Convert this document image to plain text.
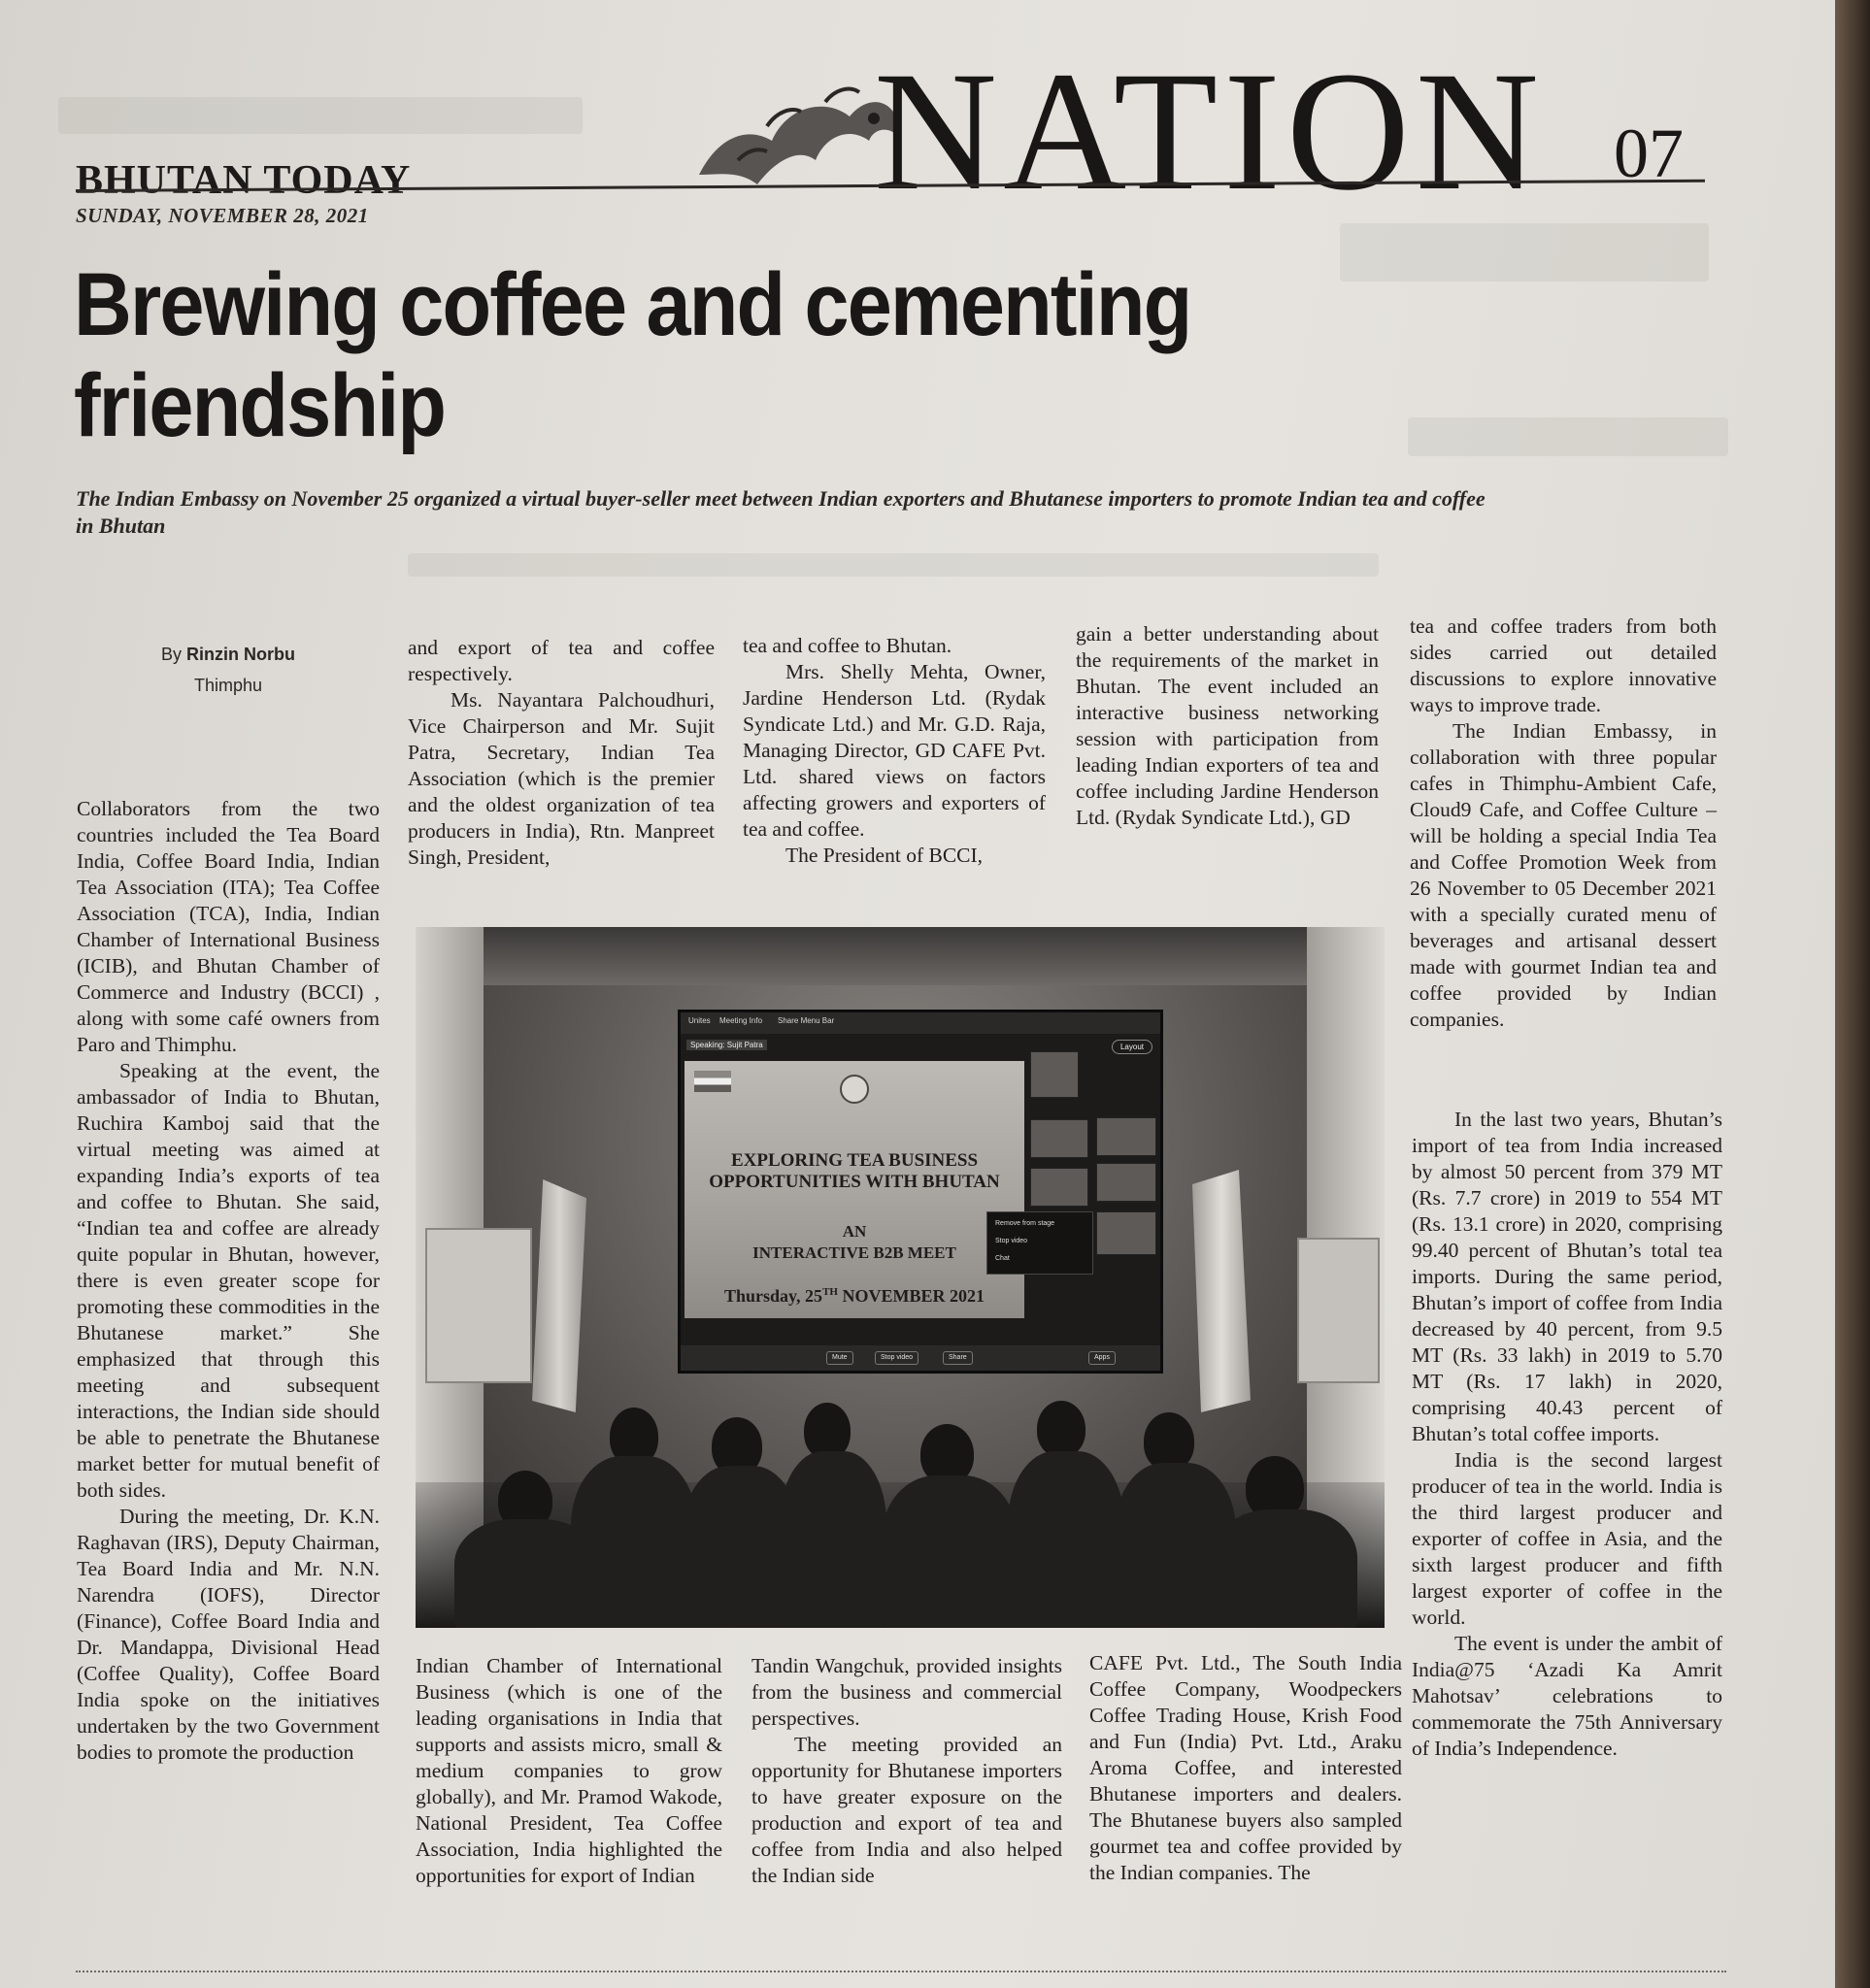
BHUTAN TODAY
SUNDAY, NOVEMBER 28, 2021	NATION 07
Brewing coffee and cementing friendship
The Indian Embassy on November 25 organized a virtual buyer-seller meet between Indian exporters and Bhutanese importers to promote Indian tea and coffee in Bhutan
By Rinzin Norbu
Thimphu

Collaborators from the two countries included the Tea Board India, Coffee Board India, Indian Tea Association (ITA); Tea Coffee Association (TCA), India, Indian Chamber of International Business (ICIB), and Bhutan Chamber of Commerce and Industry (BCCI) , along with some café owners from Paro and Thimphu.

Speaking at the event, the ambassador of India to Bhutan, Ruchira Kamboj said that the virtual meeting was aimed at expanding India’s exports of tea and coffee to Bhutan. She said, “Indian tea and coffee are already quite popular in Bhutan, however, there is even greater scope for promoting these commodities in the Bhutanese market.” She emphasized that through this meeting and subsequent interactions, the Indian side should be able to penetrate the Bhutanese market better for mutual benefit of both sides.

During the meeting, Dr. K.N. Raghavan (IRS), Deputy Chairman, Tea Board India and Mr. N.N. Narendra (IOFS), Director (Finance), Coffee Board India and Dr. Mandappa, Divisional Head (Coffee Quality), Coffee Board India spoke on the initiatives undertaken by the two Government bodies to promote the production

and export of tea and coffee respectively.

Ms. Nayantara Palchoudhuri, Vice Chairperson and Mr. Sujit Patra, Secretary, Indian Tea Association (which is the premier and the oldest organization of tea producers in India), Rtn. Manpreet Singh, President,

tea and coffee to Bhutan.

Mrs. Shelly Mehta, Owner, Jardine Henderson Ltd. (Rydak Syndicate Ltd.) and Mr. G.D. Raja, Managing Director, GD CAFE Pvt. Ltd. shared views on factors affecting growers and exporters of tea and coffee.

The President of BCCI,

gain a better understanding about the requirements of the market in Bhutan. The event included an interactive business networking session with participation from leading Indian exporters of tea and coffee including Jardine Henderson Ltd. (Rydak Syndicate Ltd.), GD

tea and coffee traders from both sides carried out detailed discussions to explore innovative ways to improve trade.

The Indian Embassy, in collaboration with three popular cafes in Thimphu-Ambient Cafe, Cloud9 Cafe, and Coffee Culture – will be holding a special India Tea and Coffee Promotion Week from 26 November to 05 December 2021 with a specially curated menu of beverages and artisanal dessert made with gourmet Indian tea and coffee provided by Indian companies.

In the last two years, Bhutan’s import of tea from India increased by almost 50 percent from 379 MT (Rs. 7.7 crore) in 2019 to 554 MT (Rs. 13.1 crore) in 2020, comprising 99.40 percent of Bhutan’s total tea imports. During the same period, Bhutan’s import of coffee from India decreased by 40 percent, from 9.5 MT (Rs. 33 lakh) in 2019 to 5.70 MT (Rs. 17 lakh) in 2020, comprising 40.43 percent of Bhutan’s total coffee imports.

India is the second largest producer of tea in the world. India is the third largest producer and exporter of coffee in Asia, and the sixth largest producer and fifth largest exporter of coffee in the world.

The event is under the ambit of India@75 ‘Azadi Ka Amrit Mahotsav’ celebrations to commemorate the 75th Anniversary of India’s Independence.

Indian Chamber of International Business (which is one of the leading organisations in India that supports and assists micro, small & medium companies to grow globally), and Mr. Pramod Wakode, National President, Tea Coffee Association, India highlighted the opportunities for export of Indian

Tandin Wangchuk, provided insights from the business and commercial perspectives.

The meeting provided an opportunity for Bhutanese importers to have greater exposure on the production and export of tea and coffee from India and also helped the Indian side

CAFE Pvt. Ltd., The South India Coffee Company, Woodpeckers Coffee Trading House, Krish Food and Fun (India) Pvt. Ltd., Araku Aroma Coffee, and interested Bhutanese importers and dealers. The Bhutanese buyers also sampled gourmet tea and coffee provided by the Indian companies. The

Unites Meeting Info Share Menu Bar
Speaking: Sujit Patra	Layout
EXPLORING TEA BUSINESS
OPPORTUNITIES WITH BHUTAN
AN
INTERACTIVE B2B MEET
Thursday, 25TH NOVEMBER 2021
Remove from stage
Stop video
Chat
Mute	Stop video	Share	Apps
